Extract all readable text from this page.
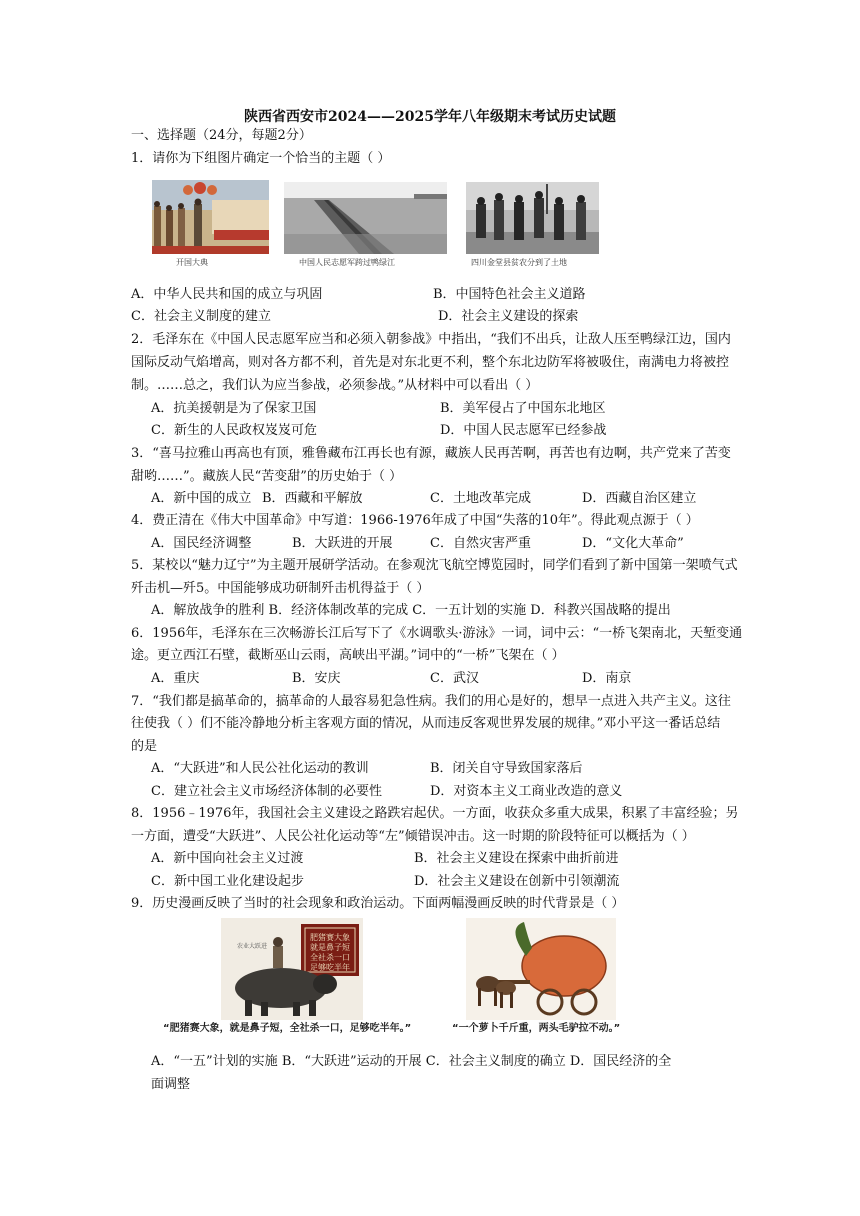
陕西省西安市2024——2025学年八年级期末考试历史试题
一、选择题（24分，每题2分）
1．请你为下组图片确定一个恰当的主题（ ）
开国大典	中国人民志愿军跨过鸭绿江	四川金堂县贫农分到了土地
A．中华人民共和国的成立与巩固	B．中国特色社会主义道路
C．社会主义制度的建立	D．社会主义建设的探索
2．毛泽东在《中国人民志愿军应当和必须入朝参战》中指出，“我们不出兵，让敌人压至鸭绿江边，国内
国际反动气焰增高，则对各方都不利，首先是对东北更不利，整个东北边防军将被吸住，南满电力将被控
制。……总之，我们认为应当参战，必须参战。”从材料中可以看出（ ）
A．抗美援朝是为了保家卫国	B．美军侵占了中国东北地区
C．新生的人民政权岌岌可危	D．中国人民志愿军已经参战
3．“喜马拉雅山再高也有顶，雅鲁藏布江再长也有源，藏族人民再苦啊，再苦也有边啊，共产党来了苦变
甜哟……”。藏族人民“苦变甜”的历史始于（ ）
A．新中国的成立 B．西藏和平解放	C．土地改革完成	D．西藏自治区建立
4．费正清在《伟大中国革命》中写道：1966-1976年成了中国“失落的10年”。得此观点源于（ ）
A．国民经济调整	B．大跃进的开展	C．自然灾害严重	D．“文化大革命”
5．某校以“魅力辽宁”为主题开展研学活动。在参观沈飞航空博览园时，同学们看到了新中国第一架喷气式
歼击机—歼5。中国能够成功研制歼击机得益于（ ）
A．解放战争的胜利 B．经济体制改革的完成 C．一五计划的实施 D．科教兴国战略的提出
6．1956年，毛泽东在三次畅游长江后写下了《水调歌头·游泳》一词，词中云：“一桥飞架南北，天堑变通
途。更立西江石壁，截断巫山云雨，高峡出平湖。”词中的“一桥”飞架在（ ）
A．重庆	B．安庆	C．武汉	D．南京
7．“我们都是搞革命的，搞革命的人最容易犯急性病。我们的用心是好的，想早一点进入共产主义。这往
往使我（ ）们不能冷静地分析主客观方面的情况，从而违反客观世界发展的规律。”邓小平这一番话总结
的是
A．“大跃进”和人民公社化运动的教训	B．闭关自守导致国家落后
C．建立社会主义市场经济体制的必要性	D．对资本主义工商业改造的意义
8．1956﹣1976年，我国社会主义建设之路跌宕起伏。一方面，收获众多重大成果，积累了丰富经验；另
一方面，遭受“大跃进”、人民公社化运动等“左”倾错误冲击。这一时期的阶段特征可以概括为（ ）
A．新中国向社会主义过渡	B．社会主义建设在探索中曲折前进
C．新中国工业化建设起步	D．社会主义建设在创新中引领潮流
9．历史漫画反映了当时的社会现象和政治运动。下面两幅漫画反映的时代背景是（ ）
肥猪赛大象
就是鼻子短
全社杀一口
足够吃半年
农业大跃进
“肥猪赛大象，就是鼻子短，全社杀一口，足够吃半年。”	“一个萝卜千斤重，两头毛驴拉不动。”
A．“一五”计划的实施 B．“大跃进”运动的开展 C．社会主义制度的确立 D．国民经济的全
面调整
